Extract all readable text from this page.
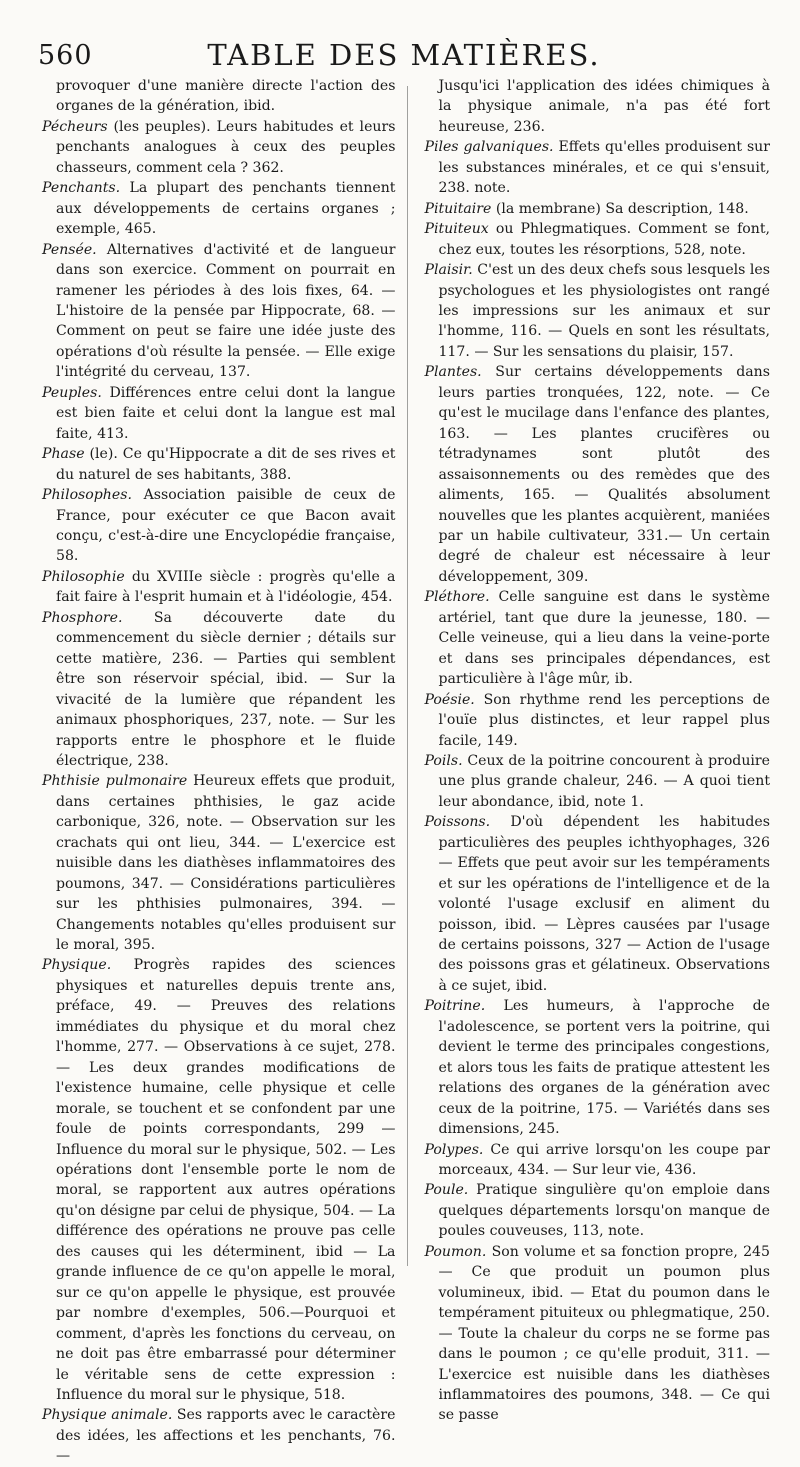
560	TABLE DES MATIÈRES.

provoquer d'une manière directe l'action des organes de la génération, ibid.

Pécheurs (les peuples). Leurs habitudes et leurs penchants analogues à ceux des peuples chasseurs, comment cela ? 362.

Penchants. La plupart des penchants tiennent aux développements de certains organes ; exemple, 465.

Pensée. Alternatives d'activité et de langueur dans son exercice. Comment on pourrait en ramener les périodes à des lois fixes, 64. — L'histoire de la pensée par Hippocrate, 68. — Comment on peut se faire une idée juste des opérations d'où résulte la pensée. — Elle exige l'intégrité du cerveau, 137.

Peuples. Différences entre celui dont la langue est bien faite et celui dont la langue est mal faite, 413.

Phase (le). Ce qu'Hippocrate a dit de ses rives et du naturel de ses habitants, 388.

Philosophes. Association paisible de ceux de France, pour exécuter ce que Bacon avait conçu, c'est-à-dire une Encyclopédie française, 58.

Philosophie du XVIIIe siècle : progrès qu'elle a fait faire à l'esprit humain et à l'idéologie, 454.

Phosphore. Sa découverte date du commencement du siècle dernier ; détails sur cette matière, 236. — Parties qui semblent être son réservoir spécial, ibid. — Sur la vivacité de la lumière que répandent les animaux phosphoriques, 237, note. — Sur les rapports entre le phosphore et le fluide électrique, 238.

Phthisie pulmonaire Heureux effets que produit, dans certaines phthisies, le gaz acide carbonique, 326, note. — Observation sur les crachats qui ont lieu, 344. — L'exercice est nuisible dans les diathèses inflammatoires des poumons, 347. — Considérations particulières sur les phthisies pulmonaires, 394. — Changements notables qu'elles produisent sur le moral, 395.

Physique. Progrès rapides des sciences physiques et naturelles depuis trente ans, préface, 49. — Preuves des relations immédiates du physique et du moral chez l'homme, 277. — Observations à ce sujet, 278. — Les deux grandes modifications de l'existence humaine, celle physique et celle morale, se touchent et se confondent par une foule de points correspondants, 299 — Influence du moral sur le physique, 502. — Les opérations dont l'ensemble porte le nom de moral, se rapportent aux autres opérations qu'on désigne par celui de physique, 504. — La différence des opérations ne prouve pas celle des causes qui les déterminent, ibid — La grande influence de ce qu'on appelle le moral, sur ce qu'on appelle le physique, est prouvée par nombre d'exemples, 506.—Pourquoi et comment, d'après les fonctions du cerveau, on ne doit pas être embarrassé pour déterminer le véritable sens de cette expression : Influence du moral sur le physique, 518.

Physique animale. Ses rapports avec le caractère des idées, les affections et les penchants, 76. —

Jusqu'ici l'application des idées chimiques à la physique animale, n'a pas été fort heureuse, 236.

Piles galvaniques. Effets qu'elles produisent sur les substances minérales, et ce qui s'ensuit, 238. note.

Pituitaire (la membrane) Sa description, 148.

Pituiteux ou Phlegmatiques. Comment se font, chez eux, toutes les résorptions, 528, note.

Plaisir. C'est un des deux chefs sous lesquels les psychologues et les physiologistes ont rangé les impressions sur les animaux et sur l'homme, 116. — Quels en sont les résultats, 117. — Sur les sensations du plaisir, 157.

Plantes. Sur certains développements dans leurs parties tronquées, 122, note. — Ce qu'est le mucilage dans l'enfance des plantes, 163. — Les plantes crucifères ou tétradynames sont plutôt des assaisonnements ou des remèdes que des aliments, 165. — Qualités absolument nouvelles que les plantes acquièrent, maniées par un habile cultivateur, 331.— Un certain degré de chaleur est nécessaire à leur développement, 309.

Pléthore. Celle sanguine est dans le système artériel, tant que dure la jeunesse, 180. — Celle veineuse, qui a lieu dans la veine-porte et dans ses principales dépendances, est particulière à l'âge mûr, ib.

Poésie. Son rhythme rend les perceptions de l'ouïe plus distinctes, et leur rappel plus facile, 149.

Poils. Ceux de la poitrine concourent à produire une plus grande chaleur, 246. — A quoi tient leur abondance, ibid, note 1.

Poissons. D'où dépendent les habitudes particulières des peuples ichthyophages, 326 — Effets que peut avoir sur les tempéraments et sur les opérations de l'intelligence et de la volonté l'usage exclusif en aliment du poisson, ibid. — Lèpres causées par l'usage de certains poissons, 327 — Action de l'usage des poissons gras et gélatineux. Observations à ce sujet, ibid.

Poitrine. Les humeurs, à l'approche de l'adolescence, se portent vers la poitrine, qui devient le terme des principales congestions, et alors tous les faits de pratique attestent les relations des organes de la génération avec ceux de la poitrine, 175. — Variétés dans ses dimensions, 245.

Polypes. Ce qui arrive lorsqu'on les coupe par morceaux, 434. — Sur leur vie, 436.

Poule. Pratique singulière qu'on emploie dans quelques départements lorsqu'on manque de poules couveuses, 113, note.

Poumon. Son volume et sa fonction propre, 245 — Ce que produit un poumon plus volumineux, ibid. — Etat du poumon dans le tempérament pituiteux ou phlegmatique, 250. — Toute la chaleur du corps ne se forme pas dans le poumon ; ce qu'elle produit, 311. — L'exercice est nuisible dans les diathèses inflammatoires des poumons, 348. — Ce qui se passe
